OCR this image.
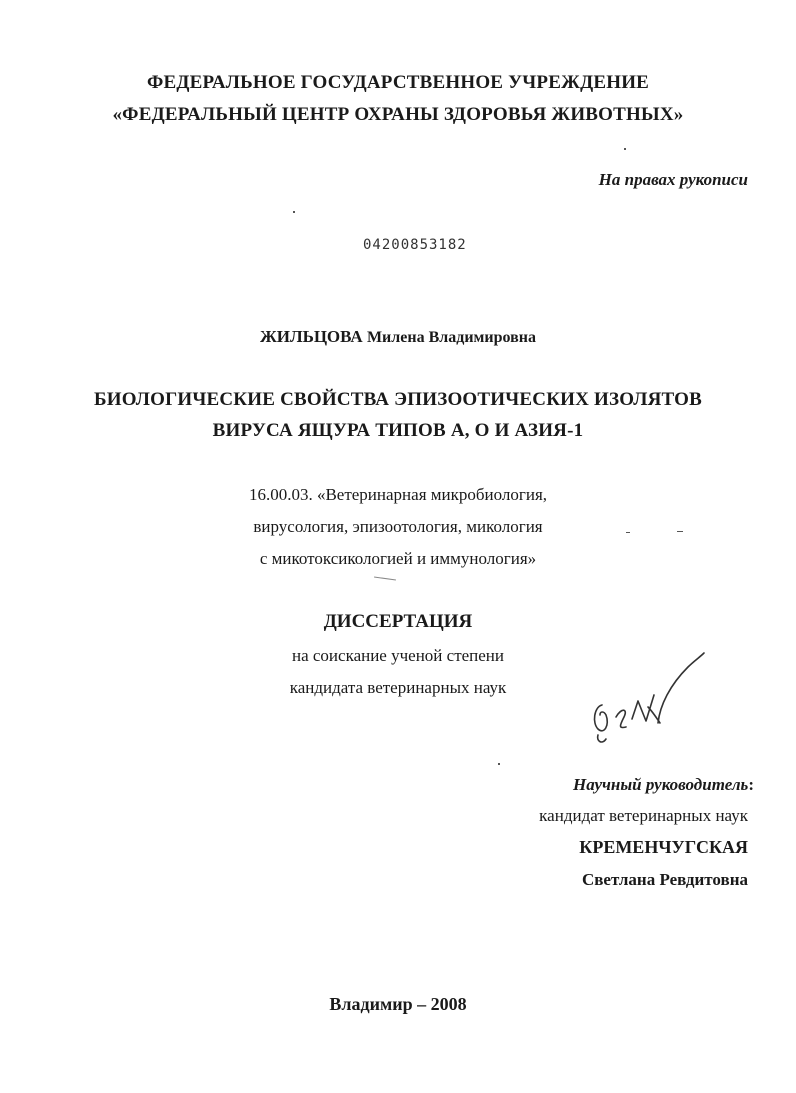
ФЕДЕРАЛЬНОЕ ГОСУДАРСТВЕННОЕ УЧРЕЖДЕНИЕ
«ФЕДЕРАЛЬНЫЙ ЦЕНТР ОХРАНЫ ЗДОРОВЬЯ ЖИВОТНЫХ»
На правах рукописи
04200853182
ЖИЛЬЦОВА Милена Владимировна
БИОЛОГИЧЕСКИЕ СВОЙСТВА ЭПИЗООТИЧЕСКИХ ИЗОЛЯТОВ
ВИРУСА ЯЩУРА ТИПОВ А, О И АЗИЯ-1
16.00.03. «Ветеринарная микробиология,
вирусология, эпизоотология, микология
с микотоксикологией и иммунология»
ДИССЕРТАЦИЯ
на соискание ученой степени
кандидата ветеринарных наук
Научный руководитель:
кандидат ветеринарных наук
КРЕМЕНЧУГСКАЯ
Светлана Ревдитовна
Владимир – 2008
